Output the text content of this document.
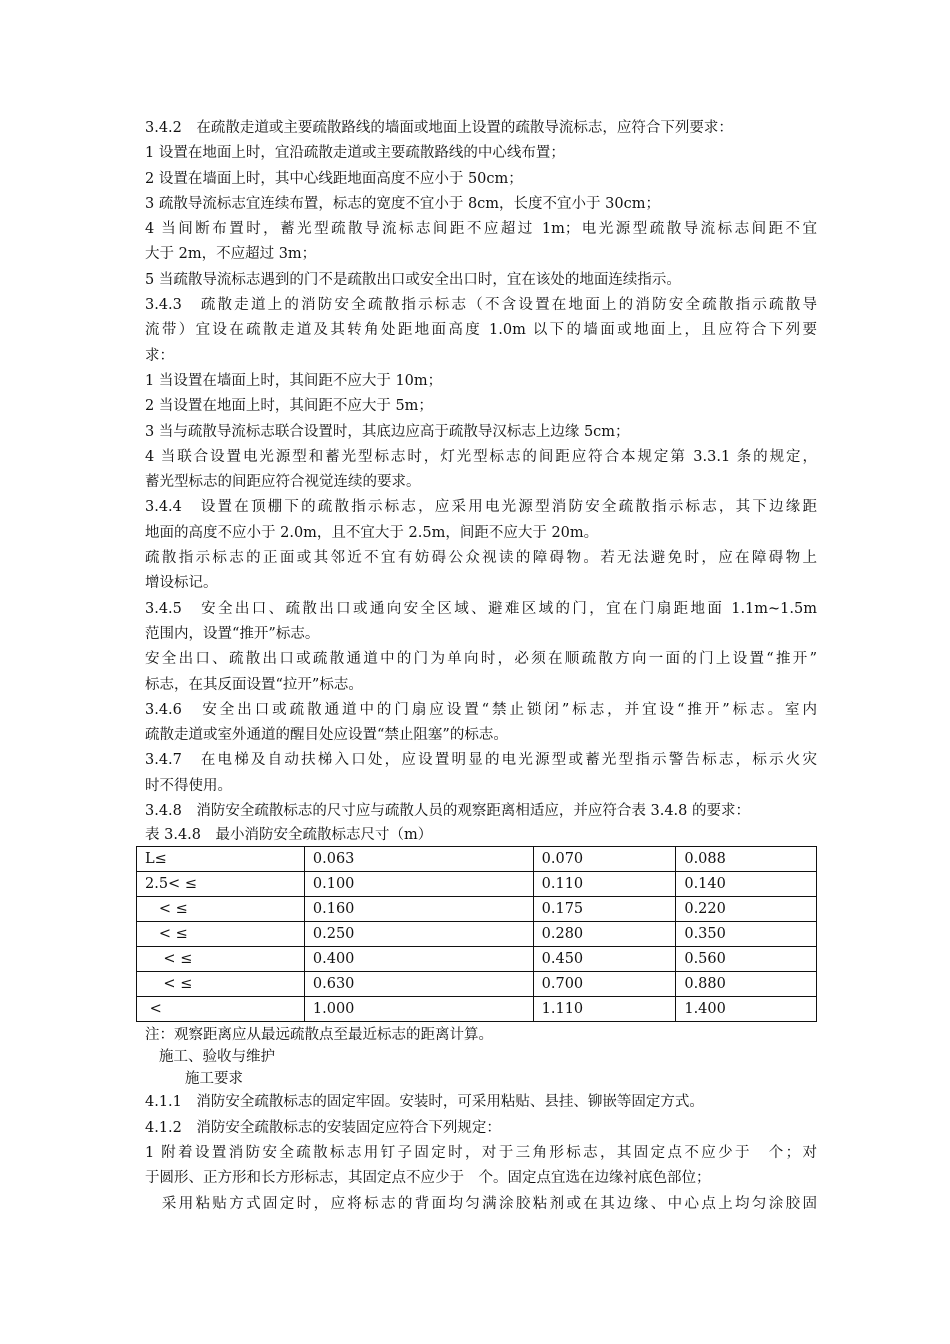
3.4.2　在疏散走道或主要疏散路线的墙面或地面上设置的疏散导流标志，应符合下列要求：
1 设置在地面上时，宜沿疏散走道或主要疏散路线的中心线布置；
2 设置在墙面上时，其中心线距地面高度不应小于 50cm；
3 疏散导流标志宜连续布置，标志的宽度不宜小于 8cm，长度不宜小于 30cm；
4 当间断布置时，蓄光型疏散导流标志间距不应超过 1m；电光源型疏散导流标志间距不宜
大于 2m，不应超过 3m；
5 当疏散导流标志遇到的门不是疏散出口或安全出口时，宜在该处的地面连续指示。
3.4.3　疏散走道上的消防安全疏散指示标志（不含设置在地面上的消防安全疏散指示疏散导
流带）宜设在疏散走道及其转角处距地面高度 1.0m 以下的墙面或地面上，且应符合下列要
求：
1 当设置在墙面上时，其间距不应大于 10m；
2 当设置在地面上时，其间距不应大于 5m；
3 当与疏散导流标志联合设置时，其底边应高于疏散导汉标志上边缘 5cm；
4 当联合设置电光源型和蓄光型标志时，灯光型标志的间距应符合本规定第 3.3.1 条的规定，
蓄光型标志的间距应符合视觉连续的要求。
3.4.4　设置在顶棚下的疏散指示标志，应采用电光源型消防安全疏散指示标志，其下边缘距
地面的高度不应小于 2.0m，且不宜大于 2.5m，间距不应大于 20m。
疏散指示标志的正面或其邻近不宜有妨碍公众视读的障碍物。若无法避免时，应在障碍物上
增设标记。
3.4.5　安全出口、疏散出口或通向安全区域、避难区域的门，宜在门扇距地面 1.1m~1.5m
范围内，设置“推开”标志。
安全出口、疏散出口或疏散通道中的门为单向时，必须在顺疏散方向一面的门上设置“推开”
标志，在其反面设置“拉开”标志。
3.4.6　安全出口或疏散通道中的门扇应设置“禁止锁闭”标志，并宜设“推开”标志。室内
疏散走道或室外通道的醒目处应设置“禁止阻塞”的标志。
3.4.7　在电梯及自动扶梯入口处，应设置明显的电光源型或蓄光型指示警告标志，标示火灾
时不得使用。
3.4.8　消防安全疏散标志的尺寸应与疏散人员的观察距离相适应，并应符合表 3.4.8 的要求：
表 3.4.8　最小消防安全疏散标志尺寸（m）
L≤	0.063	0.070	0.088
2.5< ≤	0.100	0.110	0.140
< ≤	0.160	0.175	0.220
< ≤	0.250	0.280	0.350
< ≤	0.400	0.450	0.560
< ≤	0.630	0.700	0.880
<	1.000	1.110	1.400
注：观察距离应从最远疏散点至最近标志的距离计算。
施工、验收与维护
施工要求
4.1.1　消防安全疏散标志的固定牢固。安装时，可采用粘贴、县挂、铆嵌等固定方式。
4.1.2　消防安全疏散标志的安装固定应符合下列规定：
1 附着设置消防安全疏散标志用钉子固定时，对于三角形标志，其固定点不应少于　个；对
于圆形、正方形和长方形标志，其固定点不应少于　个。固定点宜选在边缘衬底色部位；
　采用粘贴方式固定时，应将标志的背面均匀满涂胶粘剂或在其边缘、中心点上均匀涂胶固
